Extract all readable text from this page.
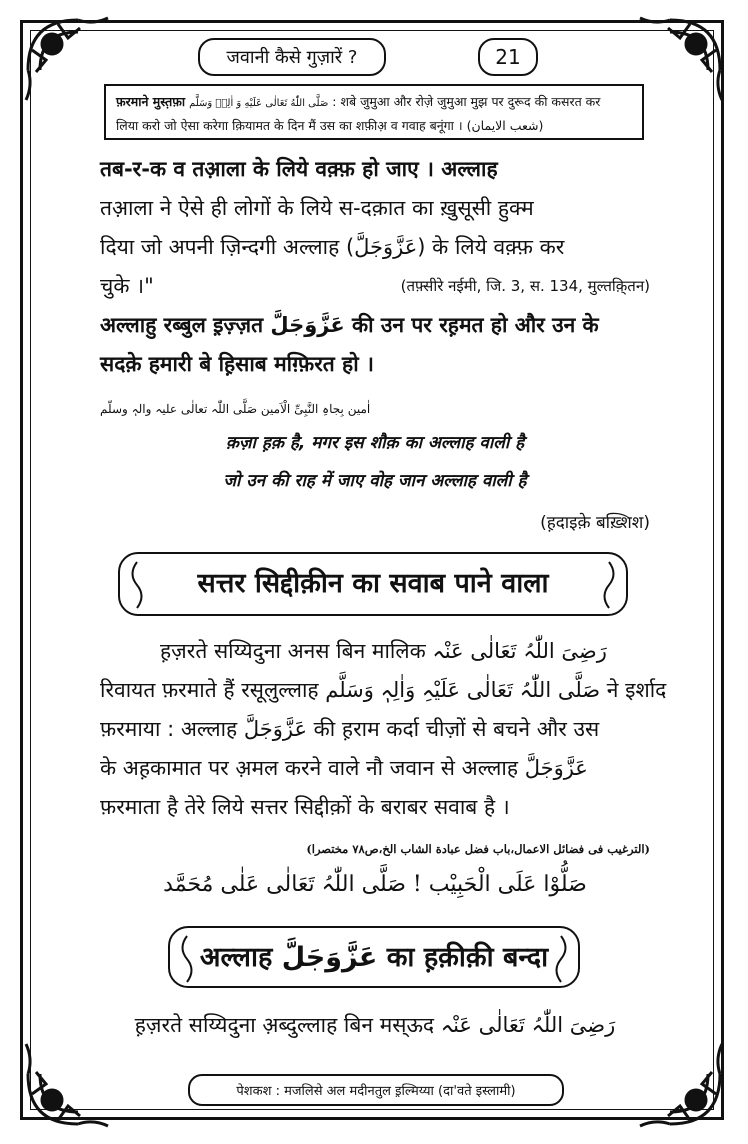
जवानी कैसे गुज़ारें ?	21
फ़रमाने मुस्त़फ़ा صَلَّى اللّٰهُ تَعَالٰى عَلَيْهِ وَ اٰلِهٖ وَسَلَّم : शबे जुमुआ और रोज़े जुमुआ मुझ पर दुरूद की कसरत कर
लिया करो जो ऐसा करेगा क़ियामत के दिन मैं उस का शफ़ीअ़ व गवाह बनूंगा । (شعب الایمان)
तब-र-क व तआ़ला के लिये वक़्फ़ हो जाए । अल्लाह
तआ़ला ने ऐसे ही लोगों के लिये स-दक़ात का ख़ुसूसी हुक्म
दिया जो अपनी ज़िन्दगी अल्लाह (عَزَّوَجَلَّ) के लिये वक़्फ़ कर
चुके ।"	(तफ़्सीरे नईमी, जि. 3, स. 134, मुल्तक़ि्तन)
अल्लाहु रब्बुल इ़ज़्ज़त عَزَّوَجَلَّ की उन पर रह़मत हो और उन के
सदक़े हमारी बे ह़िसाब मग़्फ़िरत हो ।
اٰمین بِجاہِ النَّبِیِّ الْاَمین صَلَّی اللّٰہ تعالٰی علیہ والہٖ وسلّم
क़ज़ा ह़क़ है, मगर इस शौक़ का अल्लाह वाली है
जो उन की राह में जाए वोह जान अल्लाह वाली है
(ह़दाइक़े बख़्शिश)
सत्तर सिद्दीक़ीन का सवाब पाने वाला
ह़ज़रते सय्यिदुना अनस बिन मालिक رَضِیَ اللّٰہُ تَعَالٰی عَنْہ
रिवायत फ़रमाते हैं रसूलुल्लाह صَلَّی اللّٰہُ تَعَالٰی عَلَیْہِ وَاٰلِہٖ وَسَلَّم ने इर्शाद
फ़रमाया : अल्लाह عَزَّوَجَلَّ की ह़राम कर्दा चीज़ों से बचने और उस
के अह़कामात पर अ़मल करने वाले नौ जवान से अल्लाह عَزَّوَجَلَّ
फ़रमाता है तेरे लिये सत्तर सिद्दीक़ों के बराबर सवाब है ।
(الترغیب فی فضائل الاعمال،باب فضل عبادة الشاب الخ،ص۷۸ مختصرا)
صَلُّوْا عَلَی الْحَبِیْب ! صَلَّی اللّٰہُ تَعَالٰی عَلٰی مُحَمَّد
अल्लाह عَزَّوَجَلَّ का ह़क़ीक़ी बन्दा
ह़ज़रते सय्यिदुना अ़ब्दुल्लाह बिन मस्ऊद رَضِیَ اللّٰہُ تَعَالٰی عَنْہ
पेशकश : मजलिसे अल मदीनतुल इ़ल्मिय्या (दा'वते इस्लामी)
